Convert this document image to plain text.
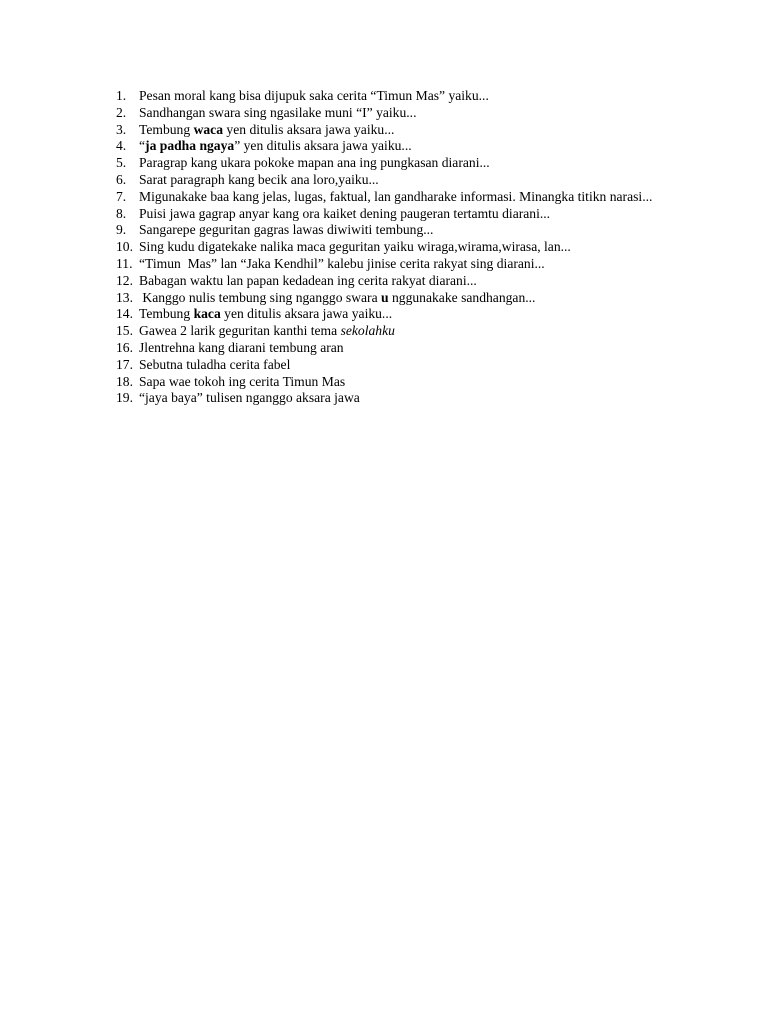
1. Pesan moral kang bisa dijupuk saka cerita “Timun Mas” yaiku...
2. Sandhangan swara sing ngasilake muni “I” yaiku...
3. Tembung waca yen ditulis aksara jawa yaiku...
4. “ja padha ngaya” yen ditulis aksara jawa yaiku...
5. Paragrap kang ukara pokoke mapan ana ing pungkasan diarani...
6. Sarat paragraph kang becik ana loro,yaiku...
7. Migunakake baa kang jelas, lugas, faktual, lan gandharake informasi. Minangka titikn narasi...
8. Puisi jawa gagrap anyar kang ora kaiket dening paugeran tertamtu diarani...
9. Sangarepe geguritan gagras lawas diwiwiti tembung...
10. Sing kudu digatekake nalika maca geguritan yaiku wiraga,wirama,wirasa, lan...
11. “Timun  Mas” lan “Jaka Kendhil” kalebu jinise cerita rakyat sing diarani...
12. Babagan waktu lan papan kedadean ing cerita rakyat diarani...
13. Kanggo nulis tembung sing nganggo swara u nggunakake sandhangan...
14. Tembung kaca yen ditulis aksara jawa yaiku...
15. Gawea 2 larik geguritan kanthi tema sekolahku
16. Jlentrehna kang diarani tembung aran
17. Sebutna tuladha cerita fabel
18. Sapa wae tokoh ing cerita Timun Mas
19. “jaya baya” tulisen nganggo aksara jawa
